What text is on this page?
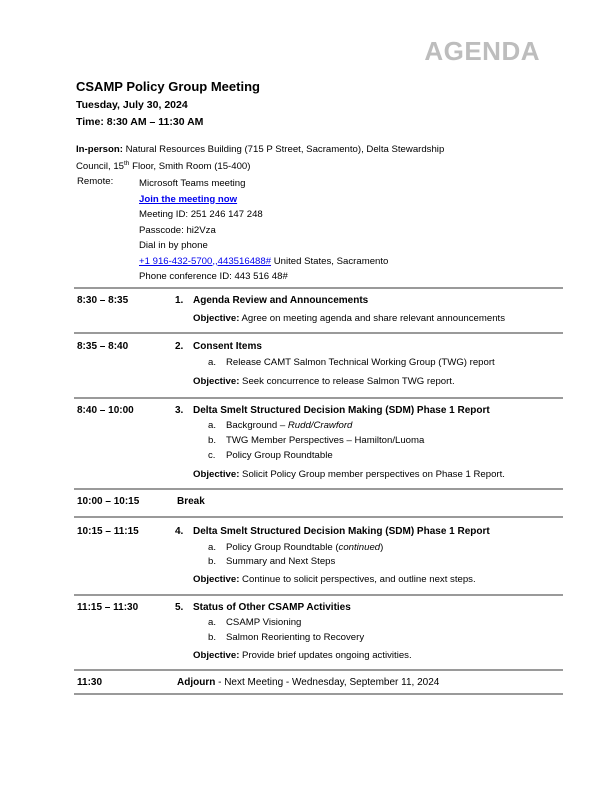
AGENDA
CSAMP Policy Group Meeting
Tuesday, July 30, 2024
Time: 8:30 AM – 11:30 AM
In-person: Natural Resources Building (715 P Street, Sacramento), Delta Stewardship
Council, 15th Floor, Smith Room (15-400)
Remote:	Microsoft Teams meeting
Join the meeting now
Meeting ID: 251 246 147 248
Passcode: hi2Vza
Dial in by phone
+1 916-432-5700,,443516488# United States, Sacramento
Phone conference ID: 443 516 48#
8:30 – 8:35	1. Agenda Review and Announcements
Objective: Agree on meeting agenda and share relevant announcements
8:35 – 8:40	2. Consent Items
a. Release CAMT Salmon Technical Working Group (TWG) report
Objective: Seek concurrence to release Salmon TWG report.
8:40 – 10:00	3. Delta Smelt Structured Decision Making (SDM) Phase 1 Report
a. Background – Rudd/Crawford
b. TWG Member Perspectives – Hamilton/Luoma
c. Policy Group Roundtable
Objective: Solicit Policy Group member perspectives on Phase 1 Report.
10:00 – 10:15	Break
10:15 – 11:15	4. Delta Smelt Structured Decision Making (SDM) Phase 1 Report
a. Policy Group Roundtable (continued)
b. Summary and Next Steps
Objective: Continue to solicit perspectives, and outline next steps.
11:15 – 11:30	5. Status of Other CSAMP Activities
a. CSAMP Visioning
b. Salmon Reorienting to Recovery
Objective: Provide brief updates ongoing activities.
11:30	Adjourn - Next Meeting - Wednesday, September 11, 2024
